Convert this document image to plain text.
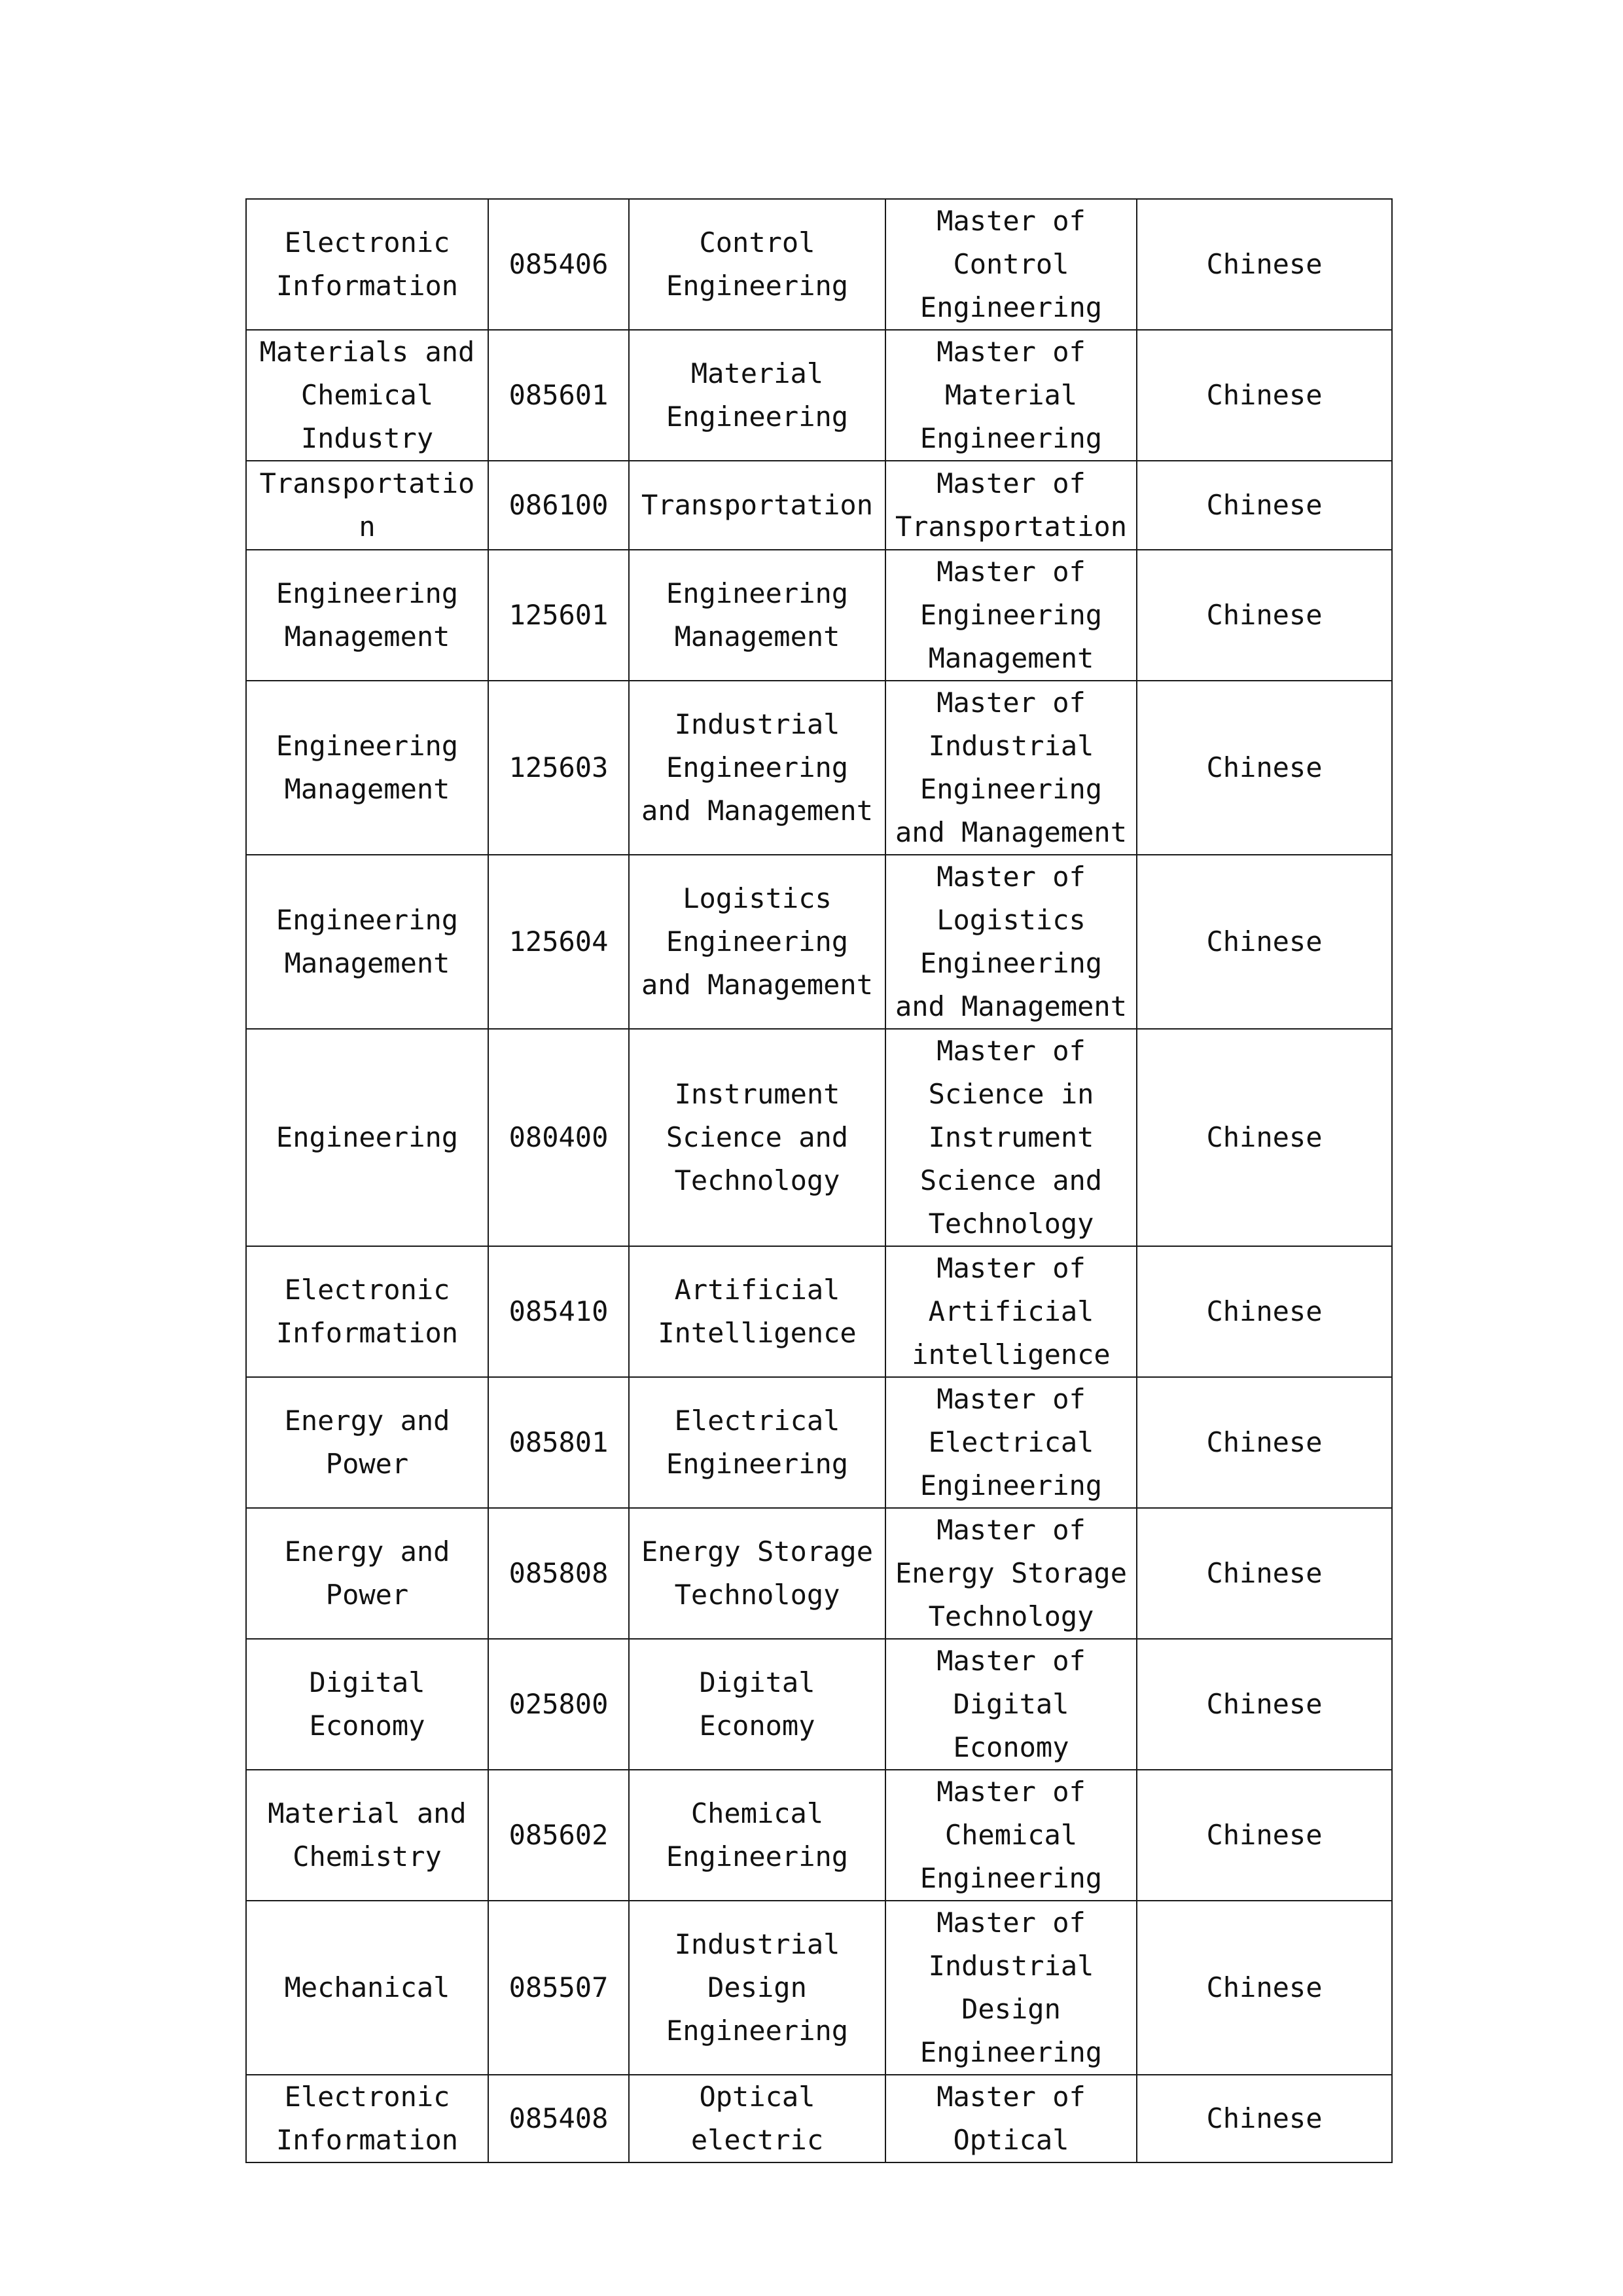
Electronic Information	085406	Control Engineering	Master of Control Engineering	Chinese

Materials and Chemical Industry	085601	Material Engineering	Master of Material Engineering	Chinese

Transportation	086100	Transportation	Master of Transportation	Chinese

Engineering Management	125601	Engineering Management	Master of Engineering Management	Chinese

Engineering Management	125603	Industrial Engineering and Management	Master of Industrial Engineering and Management	Chinese

Engineering Management	125604	Logistics Engineering and Management	Master of Logistics Engineering and Management	Chinese

Engineering	080400	Instrument Science and Technology	Master of Science in Instrument Science and Technology	Chinese

Electronic Information	085410	Artificial Intelligence	Master of Artificial intelligence	Chinese

Energy and Power	085801	Electrical Engineering	Master of Electrical Engineering	Chinese

Energy and Power	085808	Energy Storage Technology	Master of Energy Storage Technology	Chinese

Digital Economy	025800	Digital Economy	Master of Digital Economy	Chinese

Material and Chemistry	085602	Chemical Engineering	Master of Chemical Engineering	Chinese

Mechanical	085507	Industrial Design Engineering	Master of Industrial Design Engineering	Chinese

Electronic Information	085408	Optical electric	Master of Optical	Chinese
